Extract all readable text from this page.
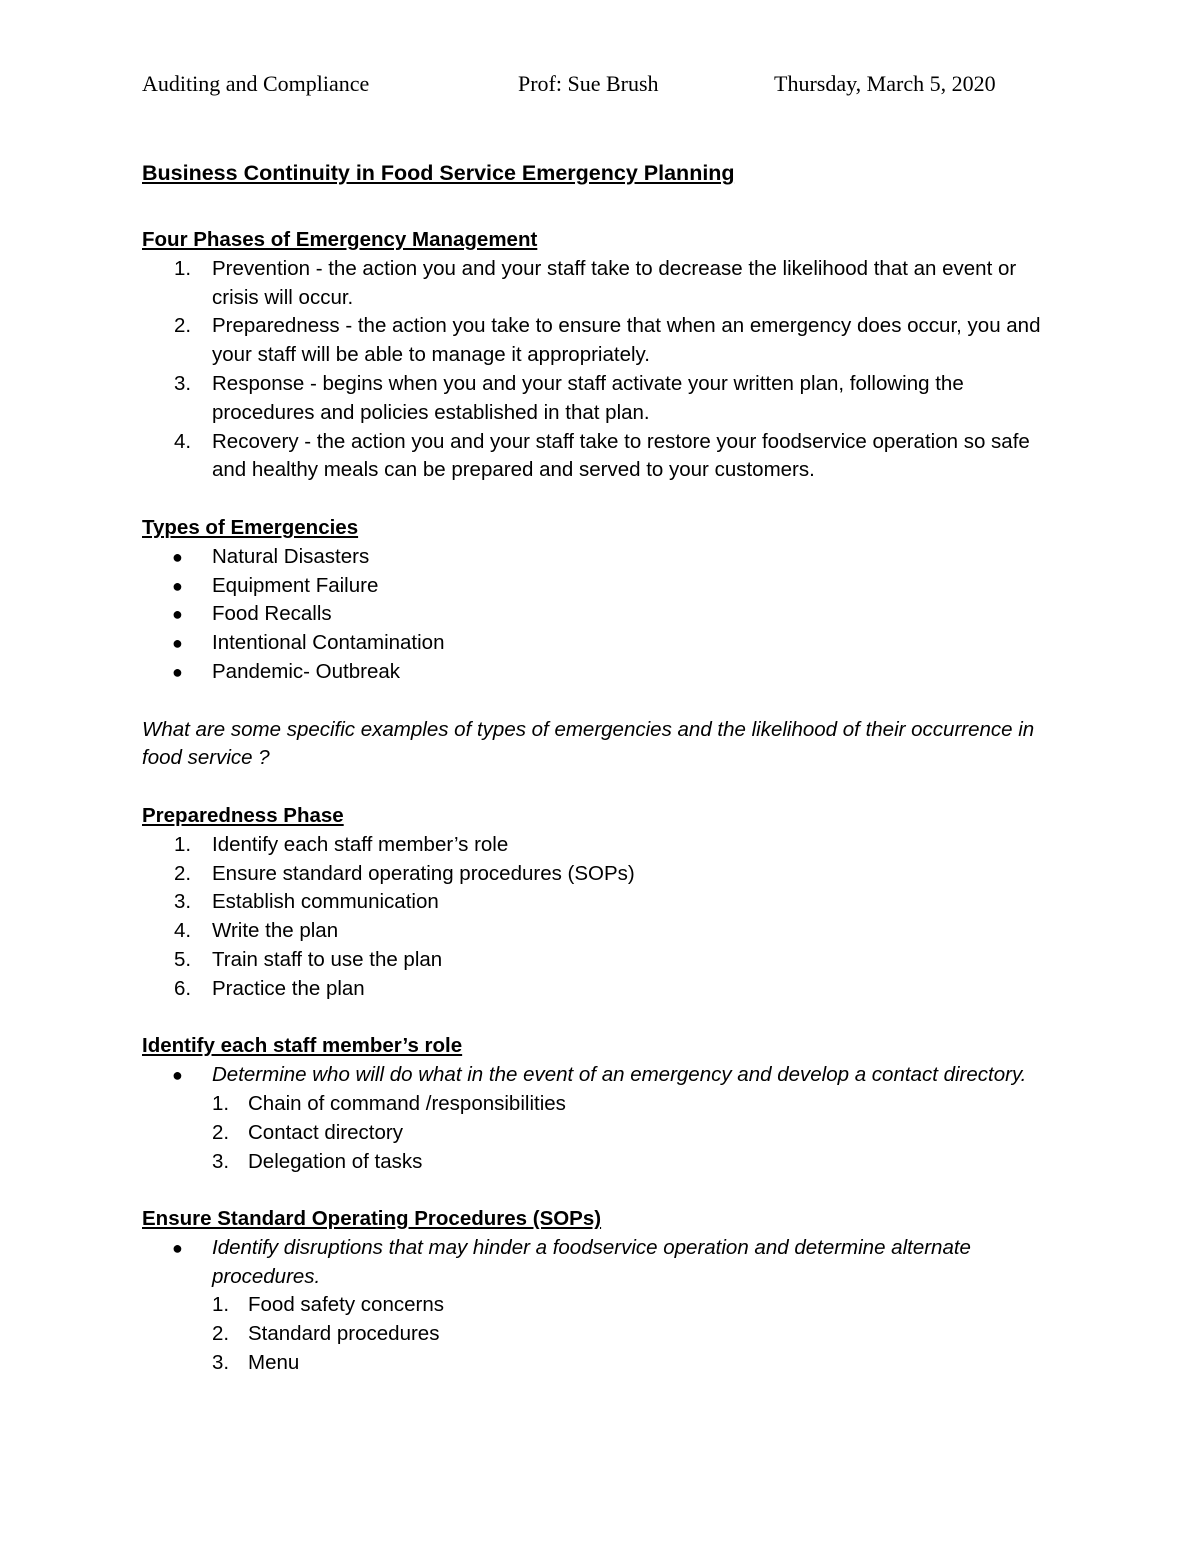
Auditing and Compliance	Prof: Sue Brush	Thursday, March 5, 2020

Business Continuity in Food Service Emergency Planning

Four Phases of Emergency Management

1.	Prevention - the action you and your staff take to decrease the likelihood that an event or crisis will occur.
2.	Preparedness - the action you take to ensure that when an emergency does occur, you and your staff will be able to manage it appropriately.
3.	Response - begins when you and your staff activate your written plan, following the procedures and policies established in that plan.
4.	Recovery - the action you and your staff take to restore your foodservice operation so safe and healthy meals can be prepared and served to your customers.

Types of Emergencies

● Natural Disasters
● Equipment Failure
● Food Recalls
● Intentional Contamination
● Pandemic- Outbreak

What are some specific examples of types of emergencies and the likelihood of their occurrence in food service ?

Preparedness Phase

1.	Identify each staff member’s role
2.	Ensure standard operating procedures (SOPs)
3.	Establish communication
4.	Write the plan
5.	Train staff to use the plan
6.	Practice the plan

Identify each staff member’s role

● Determine who will do what in the event of an emergency and develop a contact directory.
1. Chain of command /responsibilities
2. Contact directory
3. Delegation of tasks

Ensure Standard Operating Procedures (SOPs)

● Identify disruptions that may hinder a foodservice operation and determine alternate procedures.
1. Food safety concerns
2. Standard procedures
3. Menu
